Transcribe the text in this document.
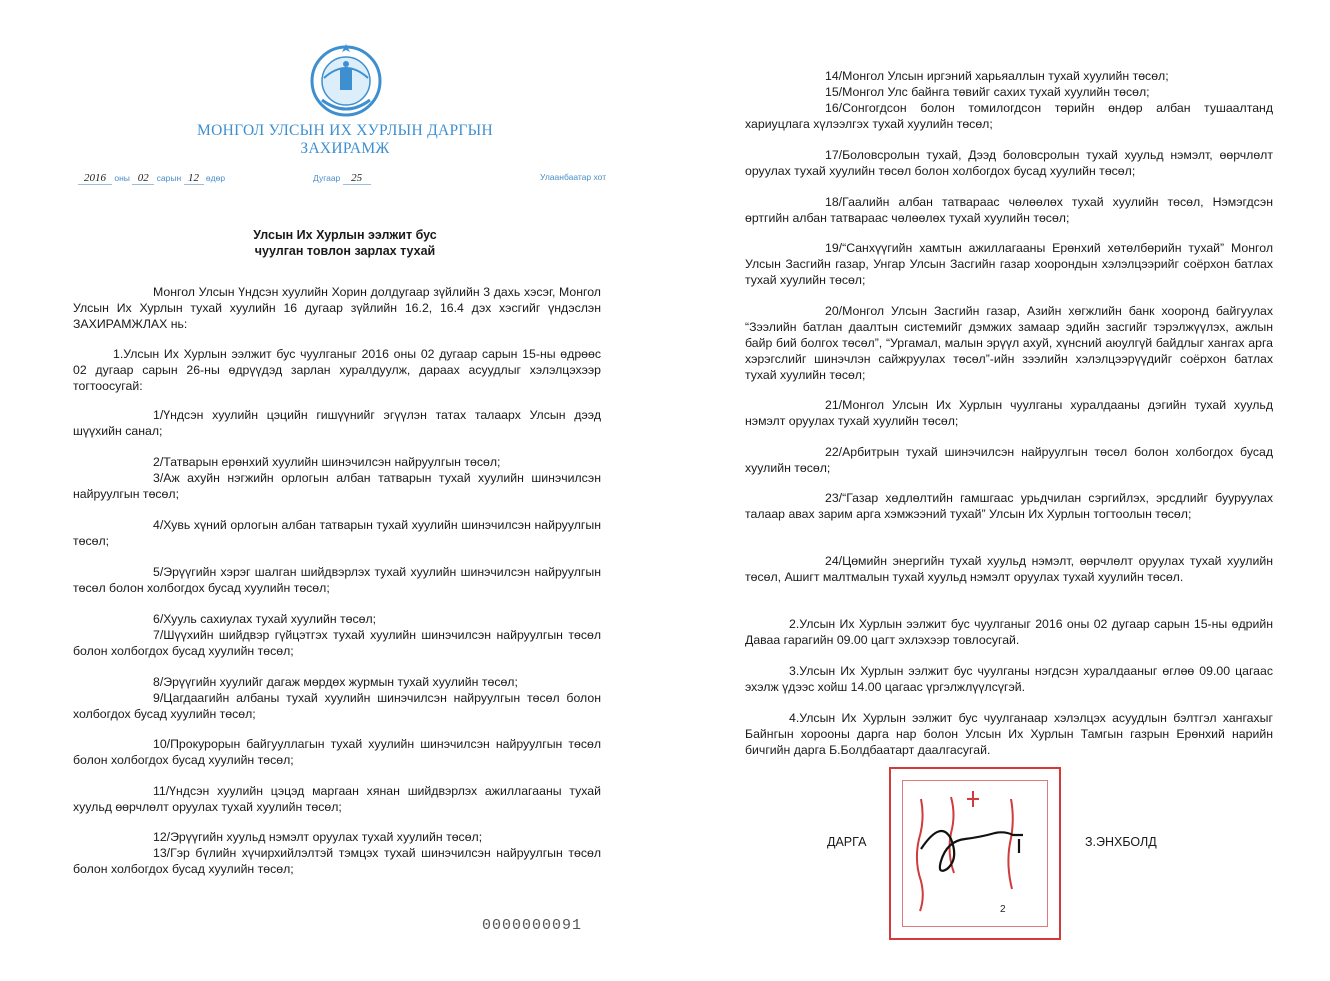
МОНГОЛ УЛСЫН ИХ ХУРЛЫН ДАРГЫН
ЗАХИРАМЖ
2016 оны 02 сарын 12 өдөр	Дугаар 25	Улаанбаатар хот
Улсын Их Хурлын ээлжит бус
чуулган товлон зарлах тухай

Монгол Улсын Үндсэн хуулийн Хорин долдугаар зүйлийн 3 дахь хэсэг, Монгол Улсын Их Хурлын тухай хуулийн 16 дугаар зүйлийн 16.2, 16.4 дэх хэсгийг үндэслэн ЗАХИРАМЖЛАХ нь:

1.Улсын Их Хурлын ээлжит бус чуулганыг 2016 оны 02 дугаар сарын 15-ны өдрөөс 02 дугаар сарын 26-ны өдрүүдэд зарлан хуралдуулж, дараах асуудлыг хэлэлцэхээр тогтоосугай:

1/Үндсэн хуулийн цэцийн гишүүнийг эгүүлэн татах талаарх Улсын дээд шүүхийн санал;

2/Татварын ерөнхий хуулийн шинэчилсэн найруулгын төсөл;

3/Аж ахуйн нэгжийн орлогын албан татварын тухай хуулийн шинэчилсэн найруулгын төсөл;

4/Хувь хүний орлогын албан татварын тухай хуулийн шинэчилсэн найруулгын төсөл;

5/Эрүүгийн хэрэг шалган шийдвэрлэх тухай хуулийн шинэчилсэн найруулгын төсөл болон холбогдох бусад хуулийн төсөл;

6/Хууль сахиулах тухай хуулийн төсөл;

7/Шүүхийн шийдвэр гүйцэтгэх тухай хуулийн шинэчилсэн найруулгын төсөл болон холбогдох бусад хуулийн төсөл;

8/Эрүүгийн хуулийг дагаж мөрдөх журмын тухай хуулийн төсөл;

9/Цагдаагийн албаны тухай хуулийн шинэчилсэн найруулгын төсөл болон холбогдох бусад хуулийн төсөл;

10/Прокурорын байгууллагын тухай хуулийн шинэчилсэн найруулгын төсөл болон холбогдох бусад хуулийн төсөл;

11/Үндсэн хуулийн цэцэд маргаан хянан шийдвэрлэх ажиллагааны тухай хуульд өөрчлөлт оруулах тухай хуулийн төсөл;

12/Эрүүгийн хуульд нэмэлт оруулах тухай хуулийн төсөл;

13/Гэр бүлийн хүчирхийлэлтэй тэмцэх тухай шинэчилсэн найруулгын төсөл болон холбогдох бусад хуулийн төсөл;

0000000091

14/Монгол Улсын иргэний харьяаллын тухай хуулийн төсөл;

15/Монгол Улс байнга төвийг сахих тухай хуулийн төсөл;

16/Сонгогдсон болон томилогдсон төрийн өндөр албан тушаалтанд хариуцлага хүлээлгэх тухай хуулийн төсөл;

17/Боловсролын тухай, Дээд боловсролын тухай хуульд нэмэлт, өөрчлөлт оруулах тухай хуулийн төсөл болон холбогдох бусад хуулийн төсөл;

18/Гаалийн албан татвараас чөлөөлөх тухай хуулийн төсөл, Нэмэгдсэн өртгийн албан татвараас чөлөөлөх тухай хуулийн төсөл;

19/“Санхүүгийн хамтын ажиллагааны Ерөнхий хөтөлбөрийн тухай” Монгол Улсын Засгийн газар, Унгар Улсын Засгийн газар хоорондын хэлэлцээрийг соёрхон батлах тухай хуулийн төсөл;

20/Монгол Улсын Засгийн газар, Азийн хөгжлийн банк хооронд байгуулах “Зээлийн батлан даалтын системийг дэмжих замаар эдийн засгийг тэрэлжүүлэх, ажлын байр бий болгох төсөл”, “Ургамал, малын эрүүл ахуй, хүнсний аюулгүй байдлыг хангах арга хэрэгслийг шинэчлэн сайжруулах төсөл”-ийн зээлийн хэлэлцээрүүдийг соёрхон батлах тухай хуулийн төсөл;

21/Монгол Улсын Их Хурлын чуулганы хуралдааны дэгийн тухай хуульд нэмэлт оруулах тухай хуулийн төсөл;

22/Арбитрын тухай шинэчилсэн найруулгын төсөл болон холбогдох бусад хуулийн төсөл;

23/“Газар хөдлөлтийн гамшгаас урьдчилан сэргийлэх, эрсдлийг бууруулах талаар авах зарим арга хэмжээний тухай” Улсын Их Хурлын тогтоолын төсөл;

24/Цөмийн энергийн тухай хуульд нэмэлт, өөрчлөлт оруулах тухай хуулийн төсөл, Ашигт малтмалын тухай хуульд нэмэлт оруулах тухай хуулийн төсөл.

2.Улсын Их Хурлын ээлжит бус чуулганыг 2016 оны 02 дугаар сарын 15-ны өдрийн Даваа гарагийн 09.00 цагт эхлэхээр товлосугай.

3.Улсын Их Хурлын ээлжит бус чуулганы нэгдсэн хуралдааныг өглөө 09.00 цагаас эхэлж үдээс хойш 14.00 цагаас үргэлжлүүлсүгэй.

4.Улсын Их Хурлын ээлжит бус чуулганаар хэлэлцэх асуудлын бэлтгэл хангахыг Байнгын хорооны дарга нар болон Улсын Их Хурлын Тамгын газрын Ерөнхий нарийн бичгийн дарга Б.Болдбаатарт даалгасугай.

2
ДАРГА	З.ЭНХБОЛД
